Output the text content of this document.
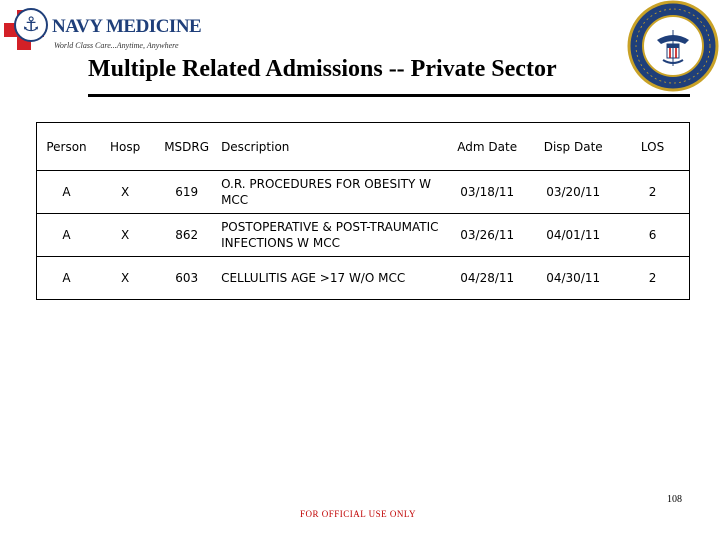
⚓ NAVY MEDICINE
World Class Care...Anytime, Anywhere
Multiple Related Admissions -- Private Sector
Person	Hosp	MSDRG	Description	Adm Date	Disp Date	LOS
A	X	619	O.R. PROCEDURES FOR OBESITY W MCC	03/18/11	03/20/11	2
A	X	862	POSTOPERATIVE & POST-TRAUMATIC INFECTIONS W MCC	03/26/11	04/01/11	6
A	X	603	CELLULITIS AGE >17 W/O MCC	04/28/11	04/30/11	2
108
FOR OFFICIAL USE ONLY
